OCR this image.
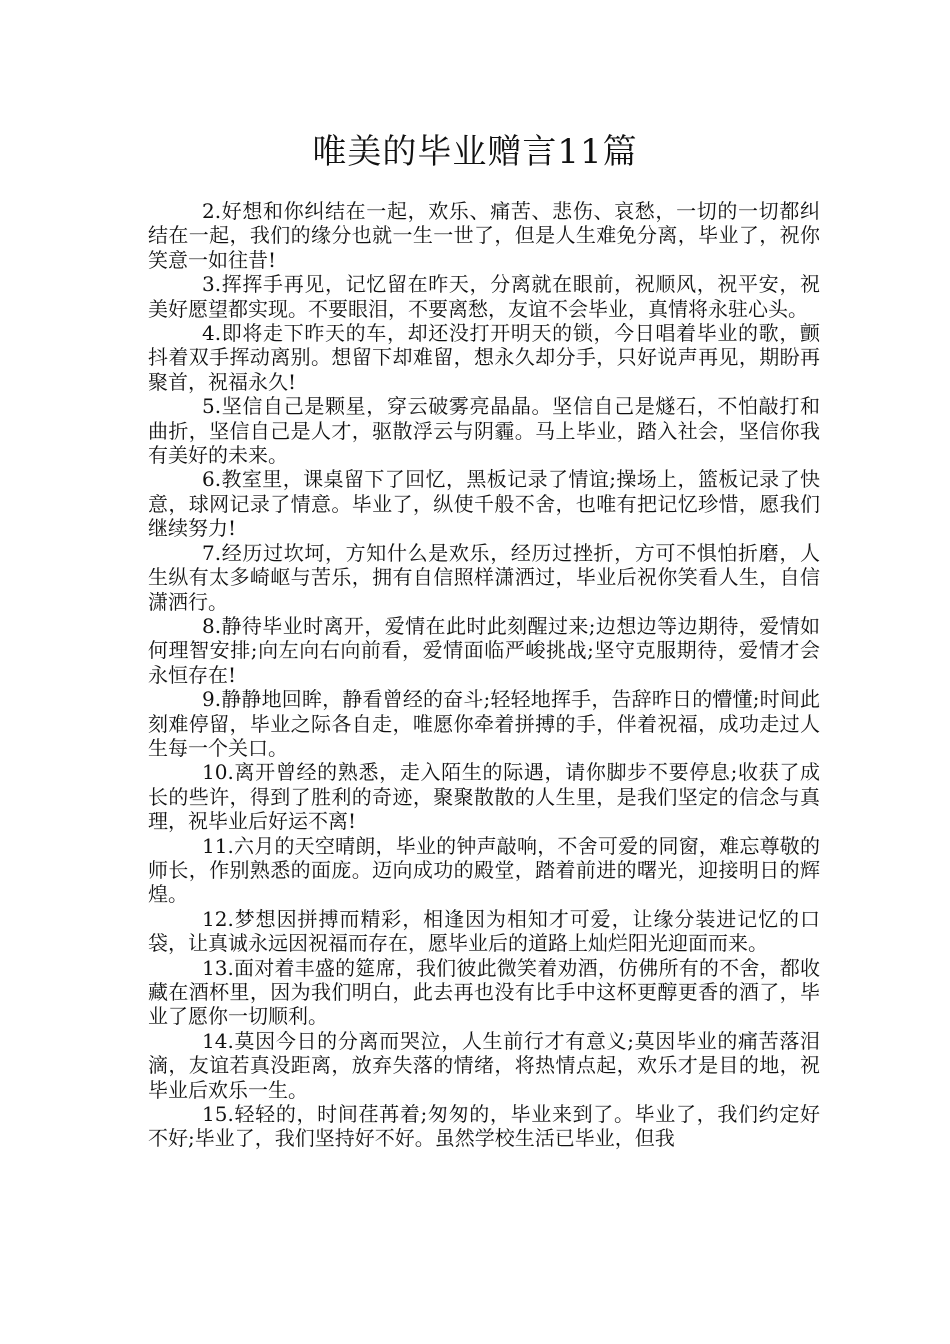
唯美的毕业赠言11篇

2.好想和你纠结在一起，欢乐、痛苦、悲伤、哀愁，一切的一切都纠结在一起，我们的缘分也就一生一世了，但是人生难免分离，毕业了，祝你笑意一如往昔!

3.挥挥手再见，记忆留在昨天，分离就在眼前，祝顺风，祝平安，祝美好愿望都实现。不要眼泪，不要离愁，友谊不会毕业，真情将永驻心头。

4.即将走下昨天的车，却还没打开明天的锁，今日唱着毕业的歌，颤抖着双手挥动离别。想留下却难留，想永久却分手，只好说声再见，期盼再聚首，祝福永久!

5.坚信自己是颗星，穿云破雾亮晶晶。坚信自己是燧石，不怕敲打和曲折，坚信自己是人才，驱散浮云与阴霾。马上毕业，踏入社会，坚信你我有美好的未来。

6.教室里，课桌留下了回忆，黑板记录了情谊;操场上，篮板记录了快意，球网记录了情意。毕业了，纵使千般不舍，也唯有把记忆珍惜，愿我们继续努力!

7.经历过坎坷，方知什么是欢乐，经历过挫折，方可不惧怕折磨，人生纵有太多崎岖与苦乐，拥有自信照样潇洒过，毕业后祝你笑看人生，自信潇洒行。

8.静待毕业时离开，爱情在此时此刻醒过来;边想边等边期待，爱情如何理智安排;向左向右向前看，爱情面临严峻挑战;坚守克服期待，爱情才会永恒存在!

9.静静地回眸，静看曾经的奋斗;轻轻地挥手，告辞昨日的懵懂;时间此刻难停留，毕业之际各自走，唯愿你牵着拼搏的手，伴着祝福，成功走过人生每一个关口。

10.离开曾经的熟悉，走入陌生的际遇，请你脚步不要停息;收获了成长的些许，得到了胜利的奇迹，聚聚散散的人生里，是我们坚定的信念与真理，祝毕业后好运不离!

11.六月的天空晴朗，毕业的钟声敲响，不舍可爱的同窗，难忘尊敬的师长，作别熟悉的面庞。迈向成功的殿堂，踏着前进的曙光，迎接明日的辉煌。

12.梦想因拼搏而精彩，相逢因为相知才可爱，让缘分装进记忆的口袋，让真诚永远因祝福而存在，愿毕业后的道路上灿烂阳光迎面而来。

13.面对着丰盛的筵席，我们彼此微笑着劝酒，仿佛所有的不舍，都收藏在酒杯里，因为我们明白，此去再也没有比手中这杯更醇更香的酒了，毕业了愿你一切顺利。

14.莫因今日的分离而哭泣，人生前行才有意义;莫因毕业的痛苦落泪滴，友谊若真没距离，放弃失落的情绪，将热情点起，欢乐才是目的地，祝毕业后欢乐一生。

15.轻轻的，时间荏苒着;匆匆的，毕业来到了。毕业了，我们约定好不好;毕业了，我们坚持好不好。虽然学校生活已毕业，但我
